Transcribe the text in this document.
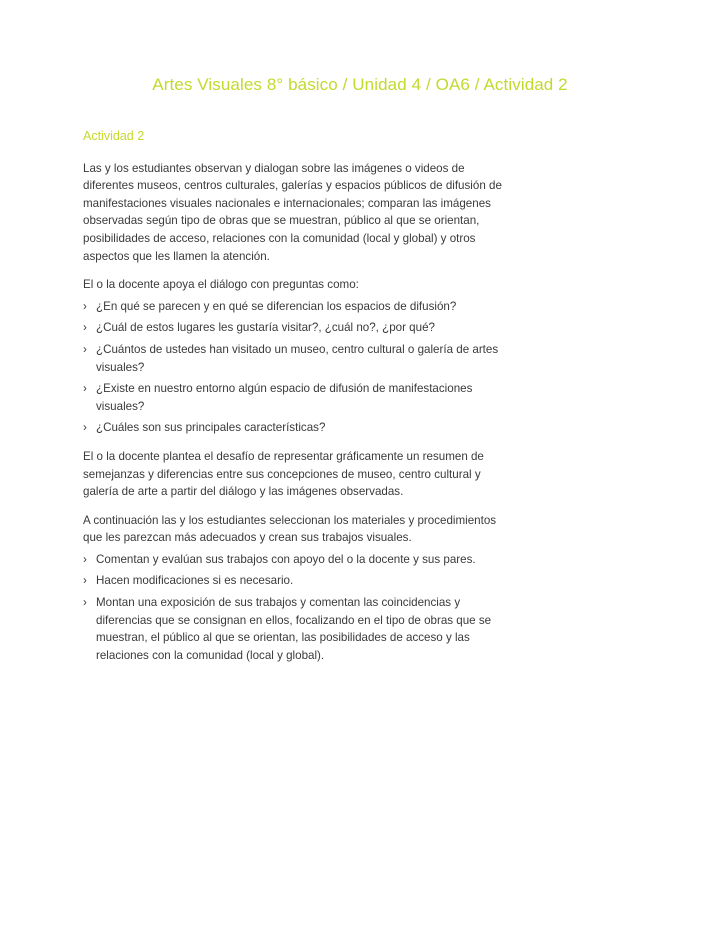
Artes Visuales 8° básico / Unidad 4 / OA6 / Actividad 2
Actividad 2

Las y los estudiantes observan y dialogan sobre las imágenes o videos de diferentes museos, centros culturales, galerías y espacios públicos de difusión de manifestaciones visuales nacionales e internacionales; comparan las imágenes observadas según tipo de obras que se muestran, público al que se orientan, posibilidades de acceso, relaciones con la comunidad (local y global) y otros aspectos que les llamen la atención.

El o la docente apoya el diálogo con preguntas como:

› ¿En qué se parecen y en qué se diferencian los espacios de difusión?
› ¿Cuál de estos lugares les gustaría visitar?, ¿cuál no?, ¿por qué?
› ¿Cuántos de ustedes han visitado un museo, centro cultural o galería de artes visuales?
› ¿Existe en nuestro entorno algún espacio de difusión de manifestaciones visuales?
› ¿Cuáles son sus principales características?

El o la docente plantea el desafío de representar gráficamente un resumen de semejanzas y diferencias entre sus concepciones de museo, centro cultural y galería de arte a partir del diálogo y las imágenes observadas.

A continuación las y los estudiantes seleccionan los materiales y procedimientos que les parezcan más adecuados y crean sus trabajos visuales.

› Comentan y evalúan sus trabajos con apoyo del o la docente y sus pares.
› Hacen modificaciones si es necesario.
› Montan una exposición de sus trabajos y comentan las coincidencias y diferencias que se consignan en ellos, focalizando en el tipo de obras que se muestran, el público al que se orientan, las posibilidades de acceso y las relaciones con la comunidad (local y global).
